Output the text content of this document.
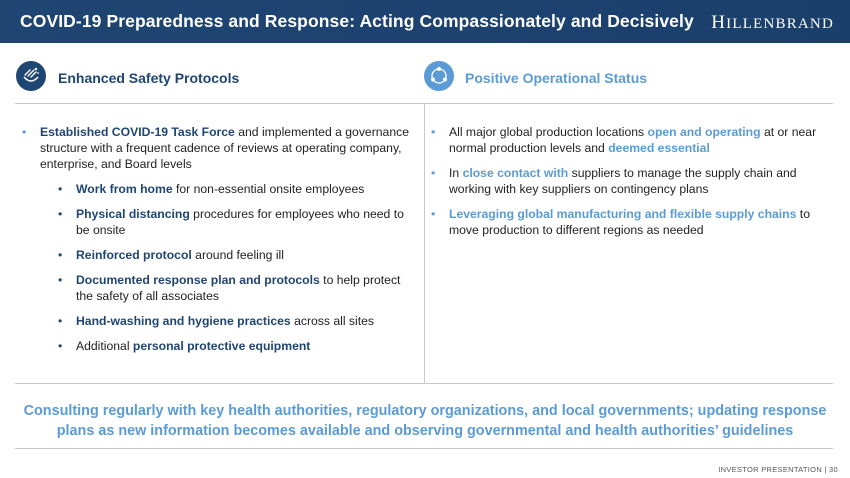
COVID-19 Preparedness and Response: Acting Compassionately and Decisively HILLENBRAND
Enhanced Safety Protocols	Positive Operational Status
• Established COVID-19 Task Force and implemented a governance structure with a frequent cadence of reviews at operating company, enterprise, and Board levels
• Work from home for non-essential onsite employees
• Physical distancing procedures for employees who need to be onsite
• Reinforced protocol around feeling ill
• Documented response plan and protocols to help protect the safety of all associates
• Hand-washing and hygiene practices across all sites
• Additional personal protective equipment
• All major global production locations open and operating at or near normal production levels and deemed essential
• In close contact with suppliers to manage the supply chain and working with key suppliers on contingency plans
• Leveraging global manufacturing and flexible supply chains to move production to different regions as needed
Consulting regularly with key health authorities, regulatory organizations, and local governments; updating response plans as new information becomes available and observing governmental and health authorities’ guidelines
INVESTOR PRESENTATION | 30
